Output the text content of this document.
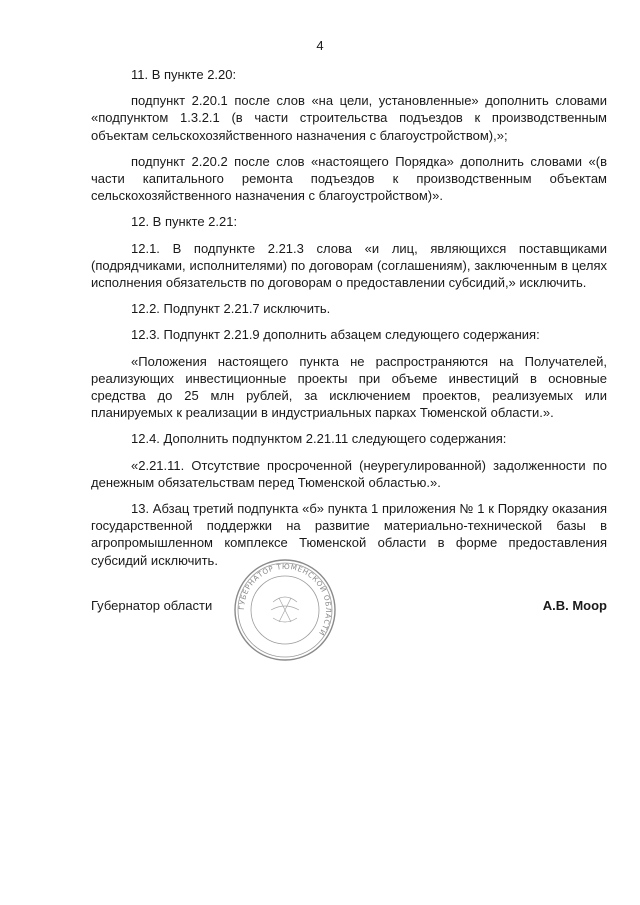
4

11. В пункте 2.20:

подпункт 2.20.1 после слов «на цели, установленные» дополнить словами «подпунктом 1.3.2.1 (в части строительства подъездов к производственным объектам сельскохозяйственного назначения с благоустройством),»;

подпункт 2.20.2 после слов «настоящего Порядка» дополнить словами «(в части капитального ремонта подъездов к производственным объектам сельскохозяйственного назначения с благоустройством)».

12. В пункте 2.21:

12.1. В подпункте 2.21.3 слова «и лиц, являющихся поставщиками (подрядчиками, исполнителями) по договорам (соглашениям), заключенным в целях исполнения обязательств по договорам о предоставлении субсидий,» исключить.

12.2. Подпункт 2.21.7 исключить.

12.3. Подпункт 2.21.9 дополнить абзацем следующего содержания:

«Положения настоящего пункта не распространяются на Получателей, реализующих инвестиционные проекты при объеме инвестиций в основные средства до 25 млн рублей, за исключением проектов, реализуемых или планируемых к реализации в индустриальных парках Тюменской области.».

12.4. Дополнить подпунктом 2.21.11 следующего содержания:

«2.21.11. Отсутствие просроченной (неурегулированной) задолженности по денежным обязательствам перед Тюменской областью.».

13. Абзац третий подпункта «б» пункта 1 приложения № 1 к Порядку оказания государственной поддержки на развитие материально-технической базы в агропромышленном комплексе Тюменской области в форме предоставления субсидий исключить.

ГУБЕРНАТОР ТЮМЕНСКОЙ ОБЛАСТИ
Губернатор области	А.В. Моор
